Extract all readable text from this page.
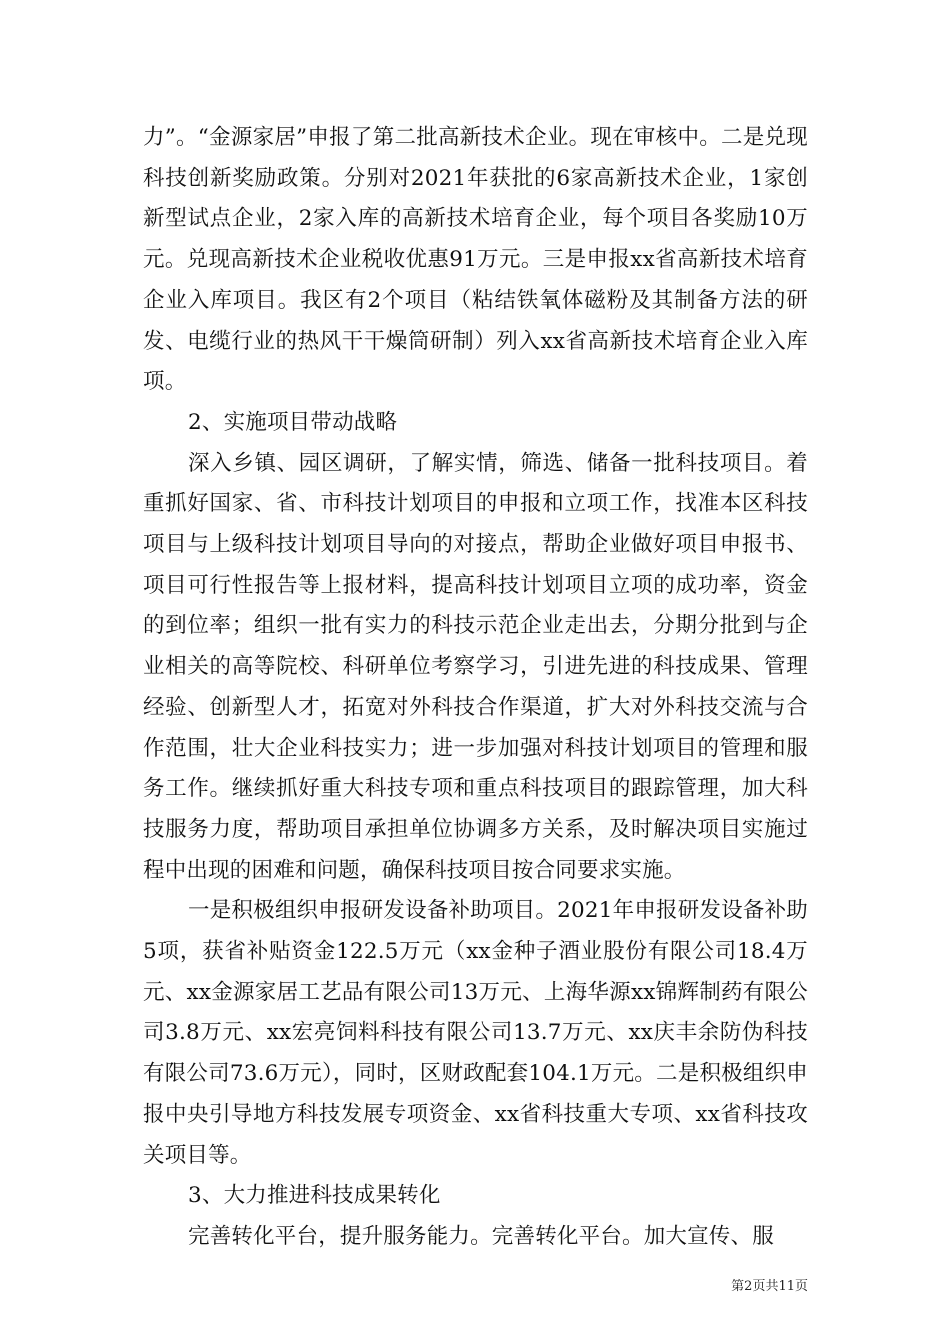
力”。“金源家居”申报了第二批高新技术企业。现在审核中。二是兑现科技创新奖励政策。分别对2021年获批的6家高新技术企业，1家创新型试点企业，2家入库的高新技术培育企业，每个项目各奖励10万元。兑现高新技术企业税收优惠91万元。三是申报xx省高新技术培育企业入库项目。我区有2个项目（粘结铁氧体磁粉及其制备方法的研发、电缆行业的热风干干燥筒研制）列入xx省高新技术培育企业入库项。

2、实施项目带动战略

深入乡镇、园区调研，了解实情，筛选、储备一批科技项目。着重抓好国家、省、市科技计划项目的申报和立项工作，找准本区科技项目与上级科技计划项目导向的对接点，帮助企业做好项目申报书、项目可行性报告等上报材料，提高科技计划项目立项的成功率，资金的到位率；组织一批有实力的科技示范企业走出去，分期分批到与企业相关的高等院校、科研单位考察学习，引进先进的科技成果、管理经验、创新型人才，拓宽对外科技合作渠道，扩大对外科技交流与合作范围，壮大企业科技实力；进一步加强对科技计划项目的管理和服务工作。继续抓好重大科技专项和重点科技项目的跟踪管理，加大科技服务力度，帮助项目承担单位协调多方关系，及时解决项目实施过程中出现的困难和问题，确保科技项目按合同要求实施。

一是积极组织申报研发设备补助项目。2021年申报研发设备补助5项，获省补贴资金122.5万元（xx金种子酒业股份有限公司18.4万元、xx金源家居工艺品有限公司13万元、上海华源xx锦辉制药有限公司3.8万元、xx宏亮饲料科技有限公司13.7万元、xx庆丰余防伪科技有限公司73.6万元），同时，区财政配套104.1万元。二是积极组织申报中央引导地方科技发展专项资金、xx省科技重大专项、xx省科技攻关项目等。

3、大力推进科技成果转化

完善转化平台，提升服务能力。完善转化平台。加大宣传、服

第2页共11页
